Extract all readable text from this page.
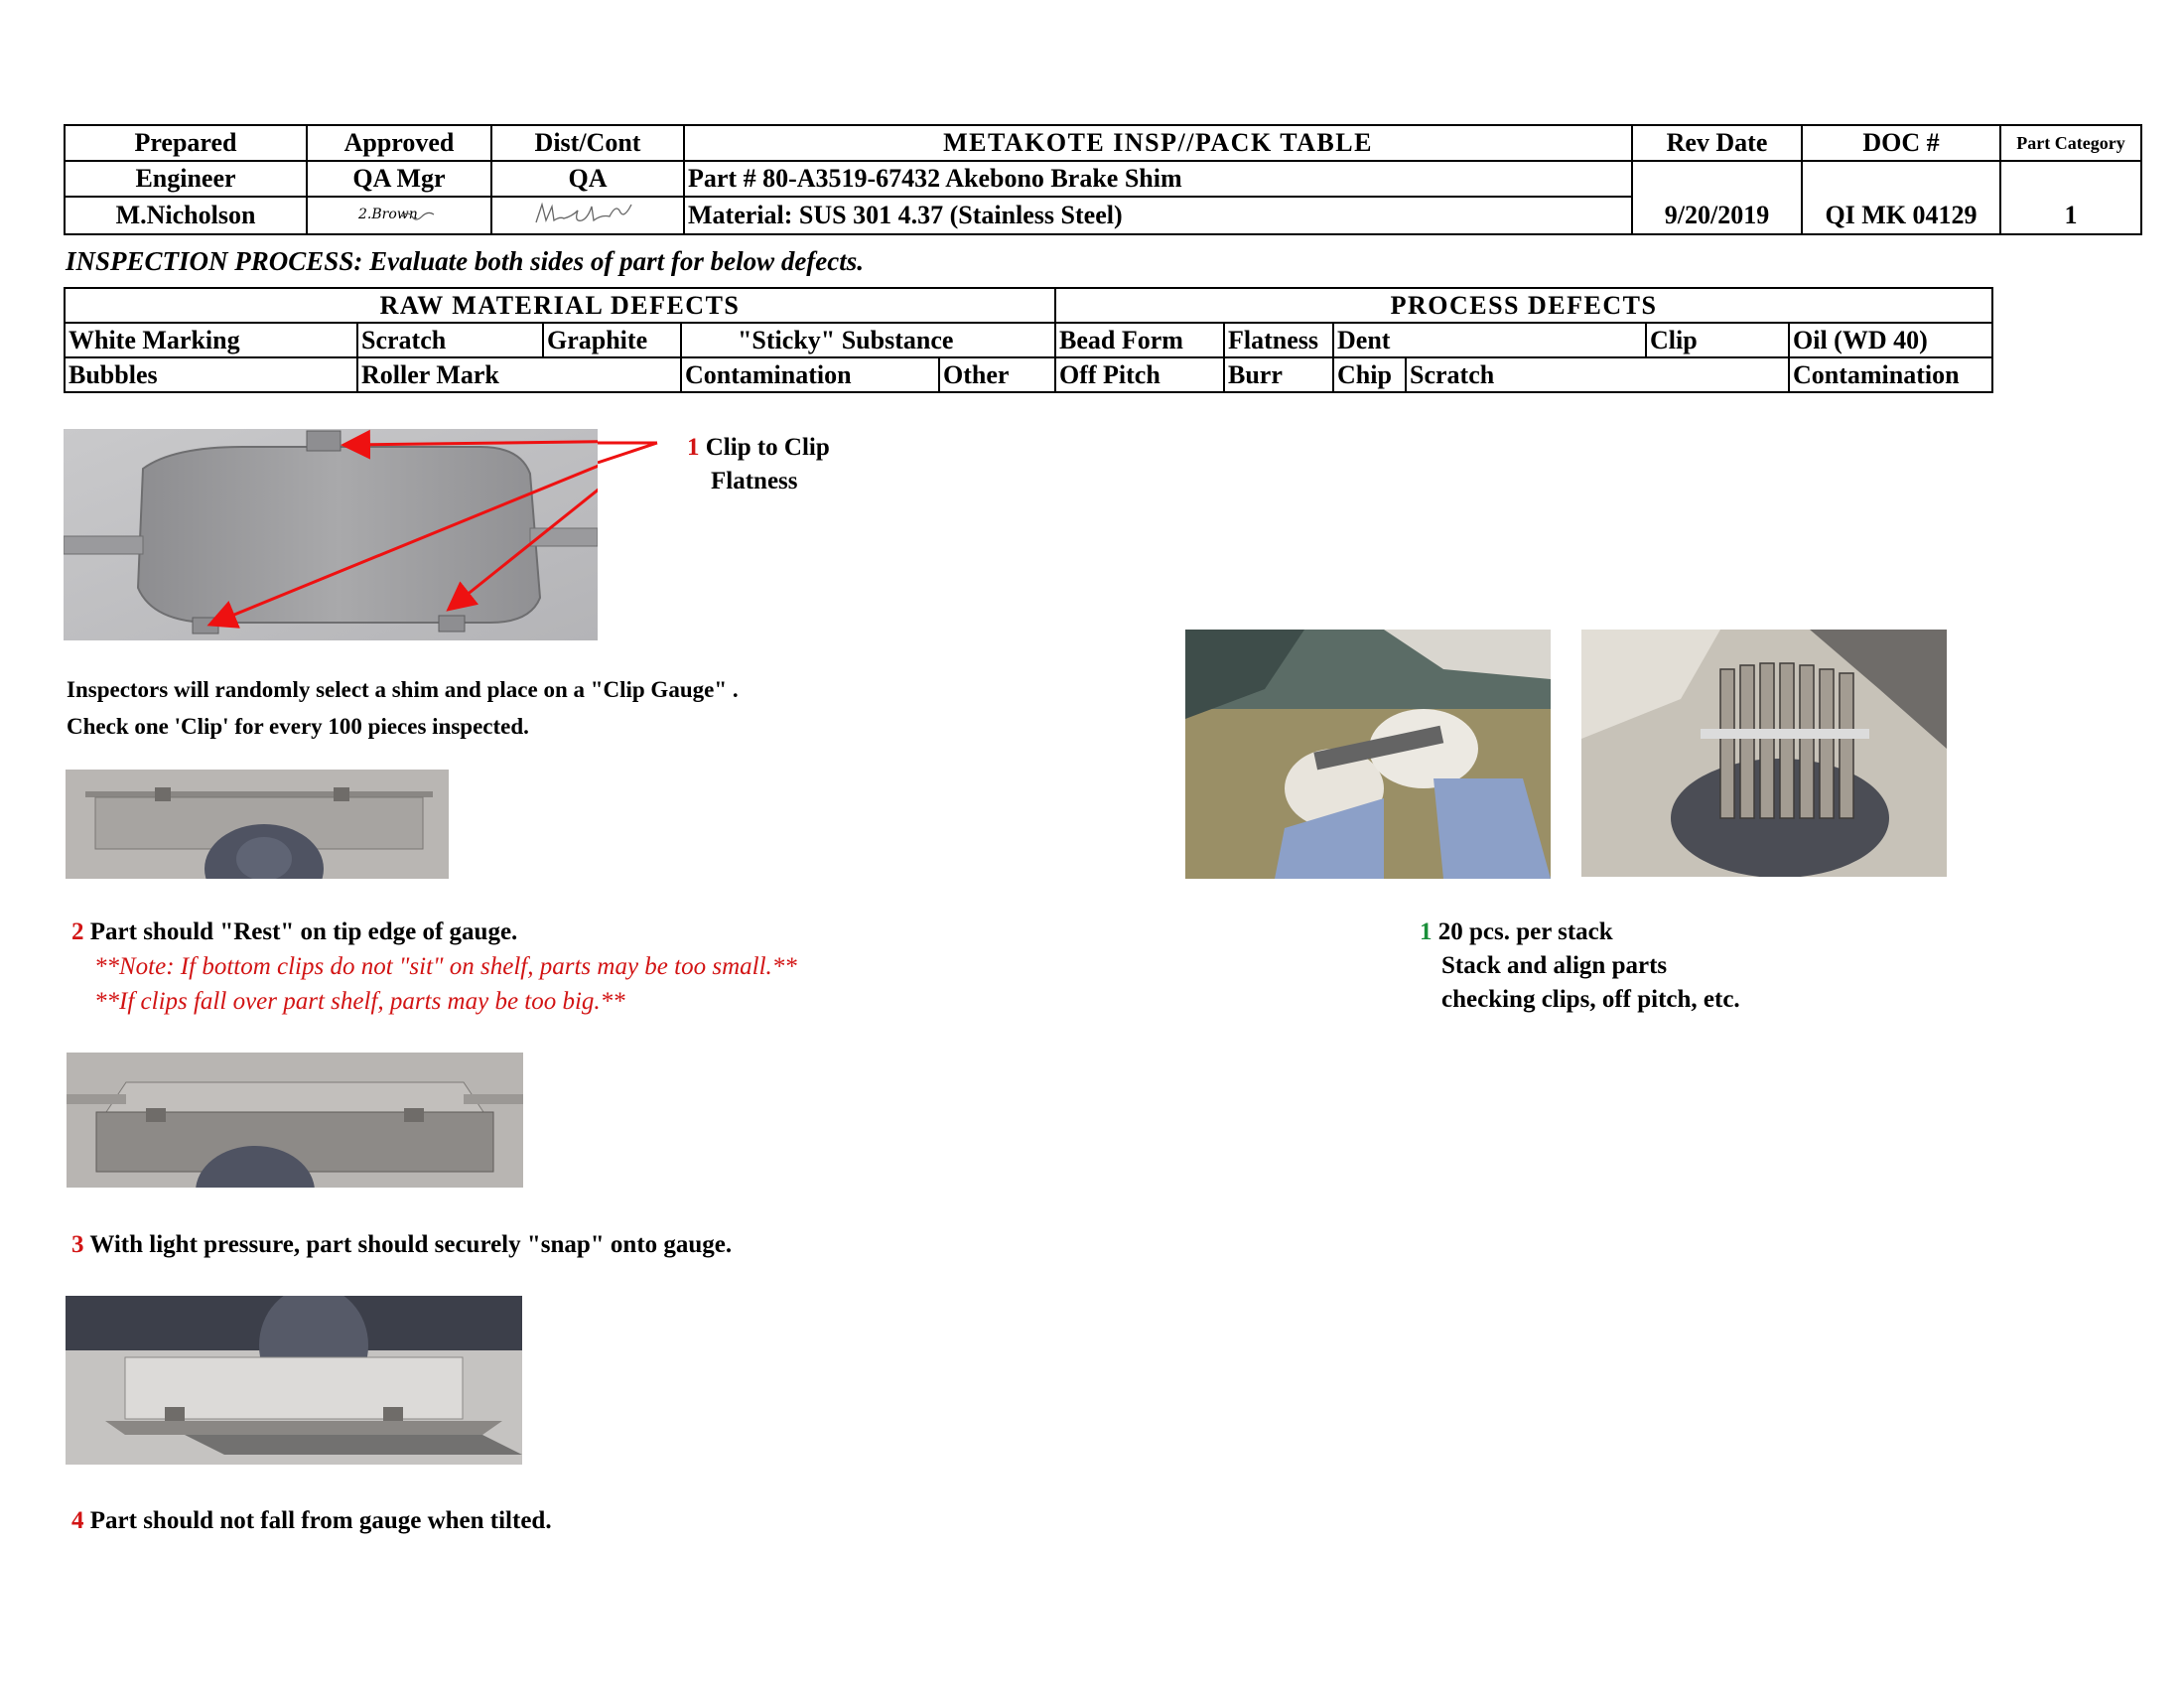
Prepared	Approved	Dist/Cont	METAKOTE INSP//PACK TABLE	Rev Date	DOC #	Part Category
Engineer	QA Mgr	QA	Part # 80-A3519-67432 Akebono Brake Shim			
M.Nicholson	2.Brown		Material: SUS 301 4.37 (Stainless Steel)	9/20/2019	QI MK 04129	1
INSPECTION PROCESS: Evaluate both sides of part for below defects.
RAW MATERIAL DEFECTS					PROCESS DEFECTS					
White Marking	Scratch	Graphite	"Sticky" Substance		Bead Form	Flatness	Dent		Clip	Oil (WD 40)
Bubbles	Roller Mark		Contamination	Other	Off Pitch	Burr	Chip	Scratch		Contamination
1 Clip to Clip
Flatness
Inspectors will randomly select a shim and place on a "Clip Gauge" .
Check one 'Clip' for every 100 pieces inspected.
2 Part should "Rest" on tip edge of gauge.
**Note: If bottom clips do not "sit" on shelf, parts may be too small.**
**If clips fall over part shelf, parts may be too big.**
3 With light pressure, part should securely "snap" onto gauge.
4 Part should not fall from gauge when tilted.
1 20 pcs. per stack
Stack and align parts
checking clips, off pitch, etc.
